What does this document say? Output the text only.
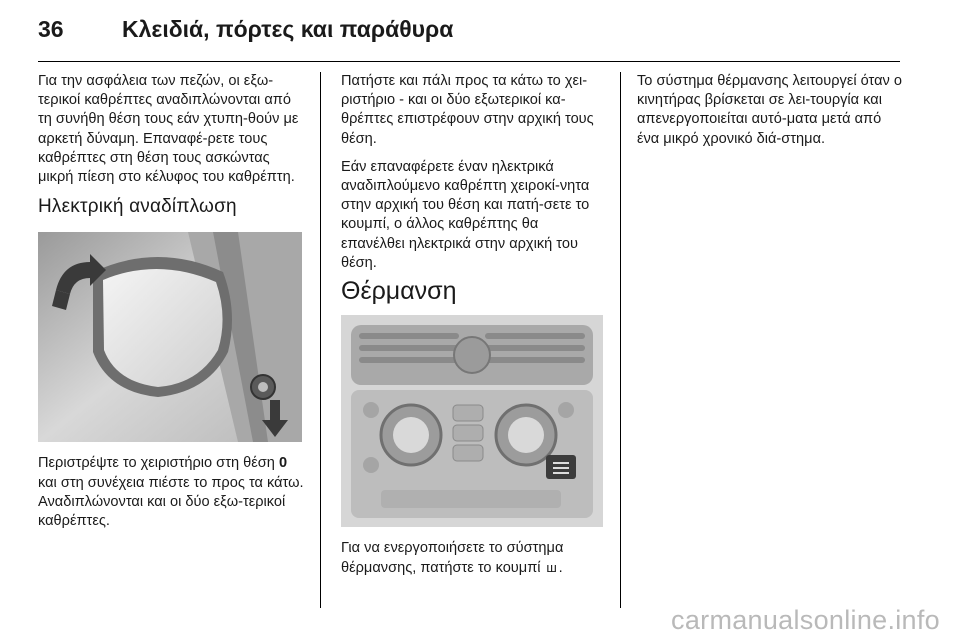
36	Κλειδιά, πόρτες και παράθυρα

Για την ασφάλεια των πεζών, οι εξω-τερικοί καθρέπτες αναδιπλώνονται από τη συνήθη θέση τους εάν χτυπη-θούν με αρκετή δύναμη. Επαναφέ-ρετε τους καθρέπτες στη θέση τους ασκώντας μικρή πίεση στο κέλυφος του καθρέπτη.

Ηλεκτρική αναδίπλωση

Περιστρέψτε το χειριστήριο στη θέση 0 και στη συνέχεια πιέστε το προς τα κάτω. Αναδιπλώνονται και οι δύο εξω-τερικοί καθρέπτες.

Πατήστε και πάλι προς τα κάτω το χει-ριστήριο - και οι δύο εξωτερικοί κα-θρέπτες επιστρέφουν στην αρχική τους θέση.

Εάν επαναφέρετε έναν ηλεκτρικά αναδιπλούμενο καθρέπτη χειροκί-νητα στην αρχική του θέση και πατή-σετε το κουμπί, ο άλλος καθρέπτης θα επανέλθει ηλεκτρικά στην αρχική του θέση.

Θέρμανση

Για να ενεργοποιήσετε το σύστημα θέρμανσης, πατήστε το κουμπί ш .

Το σύστημα θέρμανσης λειτουργεί όταν ο κινητήρας βρίσκεται σε λει-τουργία και απενεργοποιείται αυτό-ματα μετά από ένα μικρό χρονικό διά-στημα.

carmanualsonline.info
